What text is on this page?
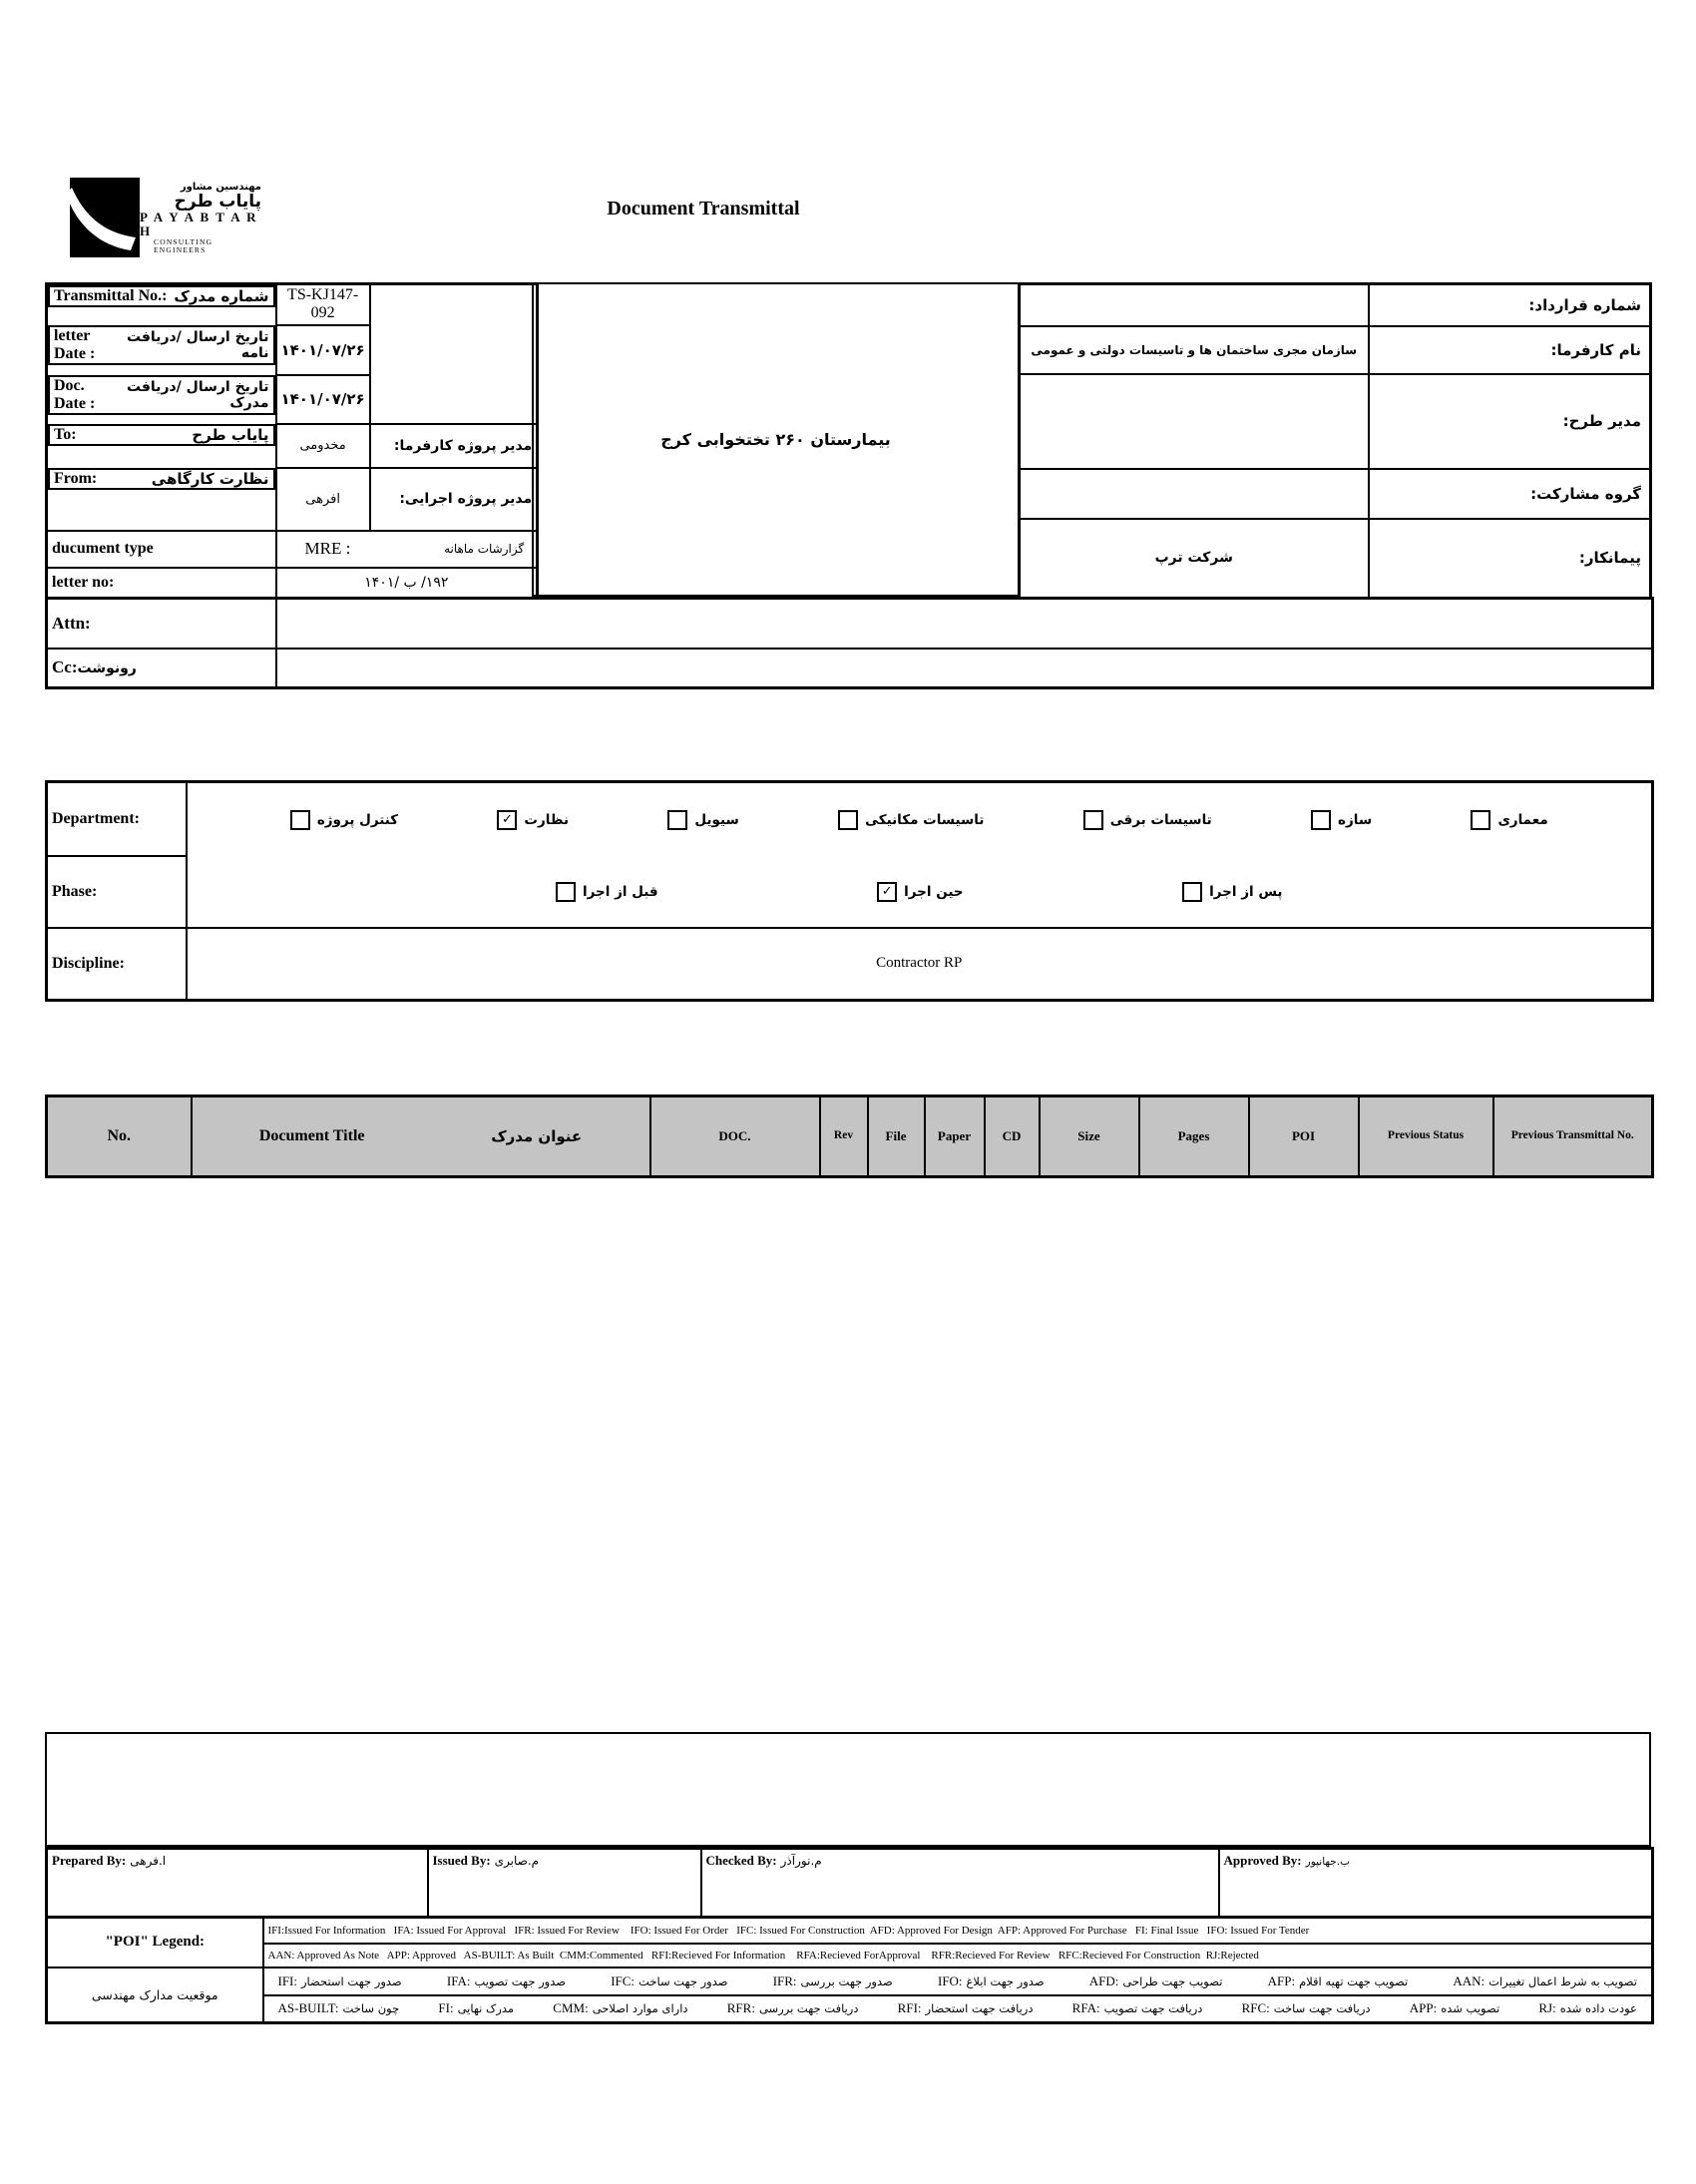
مهندسین مشاور
پایاب طرح
P A Y A B T A R H
CONSULTING ENGINEERS
Document Transmittal
Transmittal No.: شماره مدرک TS-KJ147-092	

letter Date :
تاریخ ارسال /دریافت نامه ۱۴۰۱/۰۷/۲۶	

Doc. Date :
تاریخ ارسال /دریافت مدرک ۱۴۰۱/۰۷/۲۶	

To:	پایاب طرح
مخدومی	مدیر پروژه کارفرما:

From:	نظارت کارگاهی
افرهی	مدیر پروژه اجرایی:
ducument type	MRE : گزارشات ماهانه	

letter no:	۱۹۲/ ب /۱۴۰۱	
بیمارستان ۲۶۰ تختخوابی کرج
	شماره قرارداد:
سازمان مجری ساختمان ها و تاسیسات دولتی و عمومی	نام کارفرما:
	مدیر طرح:
	گروه مشارکت:
شرکت ترپ	پیمانکار:
Attn:	
Cc:رونوشت	
Department:		معماری
سازه
تاسیسات برقی
تاسیسات مکانیکی
سیویل
✓ نظارت
کنترل پروژه

Phase:		پس از اجرا
✓ حین اجرا
قبل از اجرا

Discipline:	Contractor RP
No.	Document Title	عنوان مدرک	DOC.	Rev	File	Paper	CD	Size	Pages	POI	Previous Status	Previous Transmittal No.
Prepared By: ا.فرهی	Issued By: م.صابری	Checked By: م.نورآذر	Approved By: ب.جهانپور
"POI" Legend:	IFI:Issued For Information   IFA: Issued For Approval   IFR: Issued For Review    IFO: Issued For Order   IFC: Issued For Construction  AFD: Approved For Design  AFP: Approved For Purchase   FI: Final Issue   IFO: Issued For Tender
	AAN: Approved As Note   APP: Approved   AS-BUILT: As Built  CMM:Commented   RFI:Recieved For Information    RFA:Recieved ForApproval    RFR:Recieved For Review   RFC:Recieved For Construction  RJ:Rejected
موقعیت مدارک مهندسی	
IFI: صدور جهت استحضار	IFA: صدور جهت تصویب	IFC: صدور جهت ساخت	IFR: صدور جهت بررسی	IFO: صدور جهت ابلاغ	AFD: تصویب جهت طراحی	AFP: تصویب جهت تهیه اقلام	AAN: تصویب به شرط اعمال تغییرات

AS-BUILT: چون ساخت	FI: مدرک نهایی	CMM: دارای موارد اصلاحی	RFR: دریافت جهت بررسی	RFI: دریافت جهت استحضار	RFA: دریافت جهت تصویب	RFC: دریافت جهت ساخت	APP: تصویب شده	RJ: عودت داده شده
